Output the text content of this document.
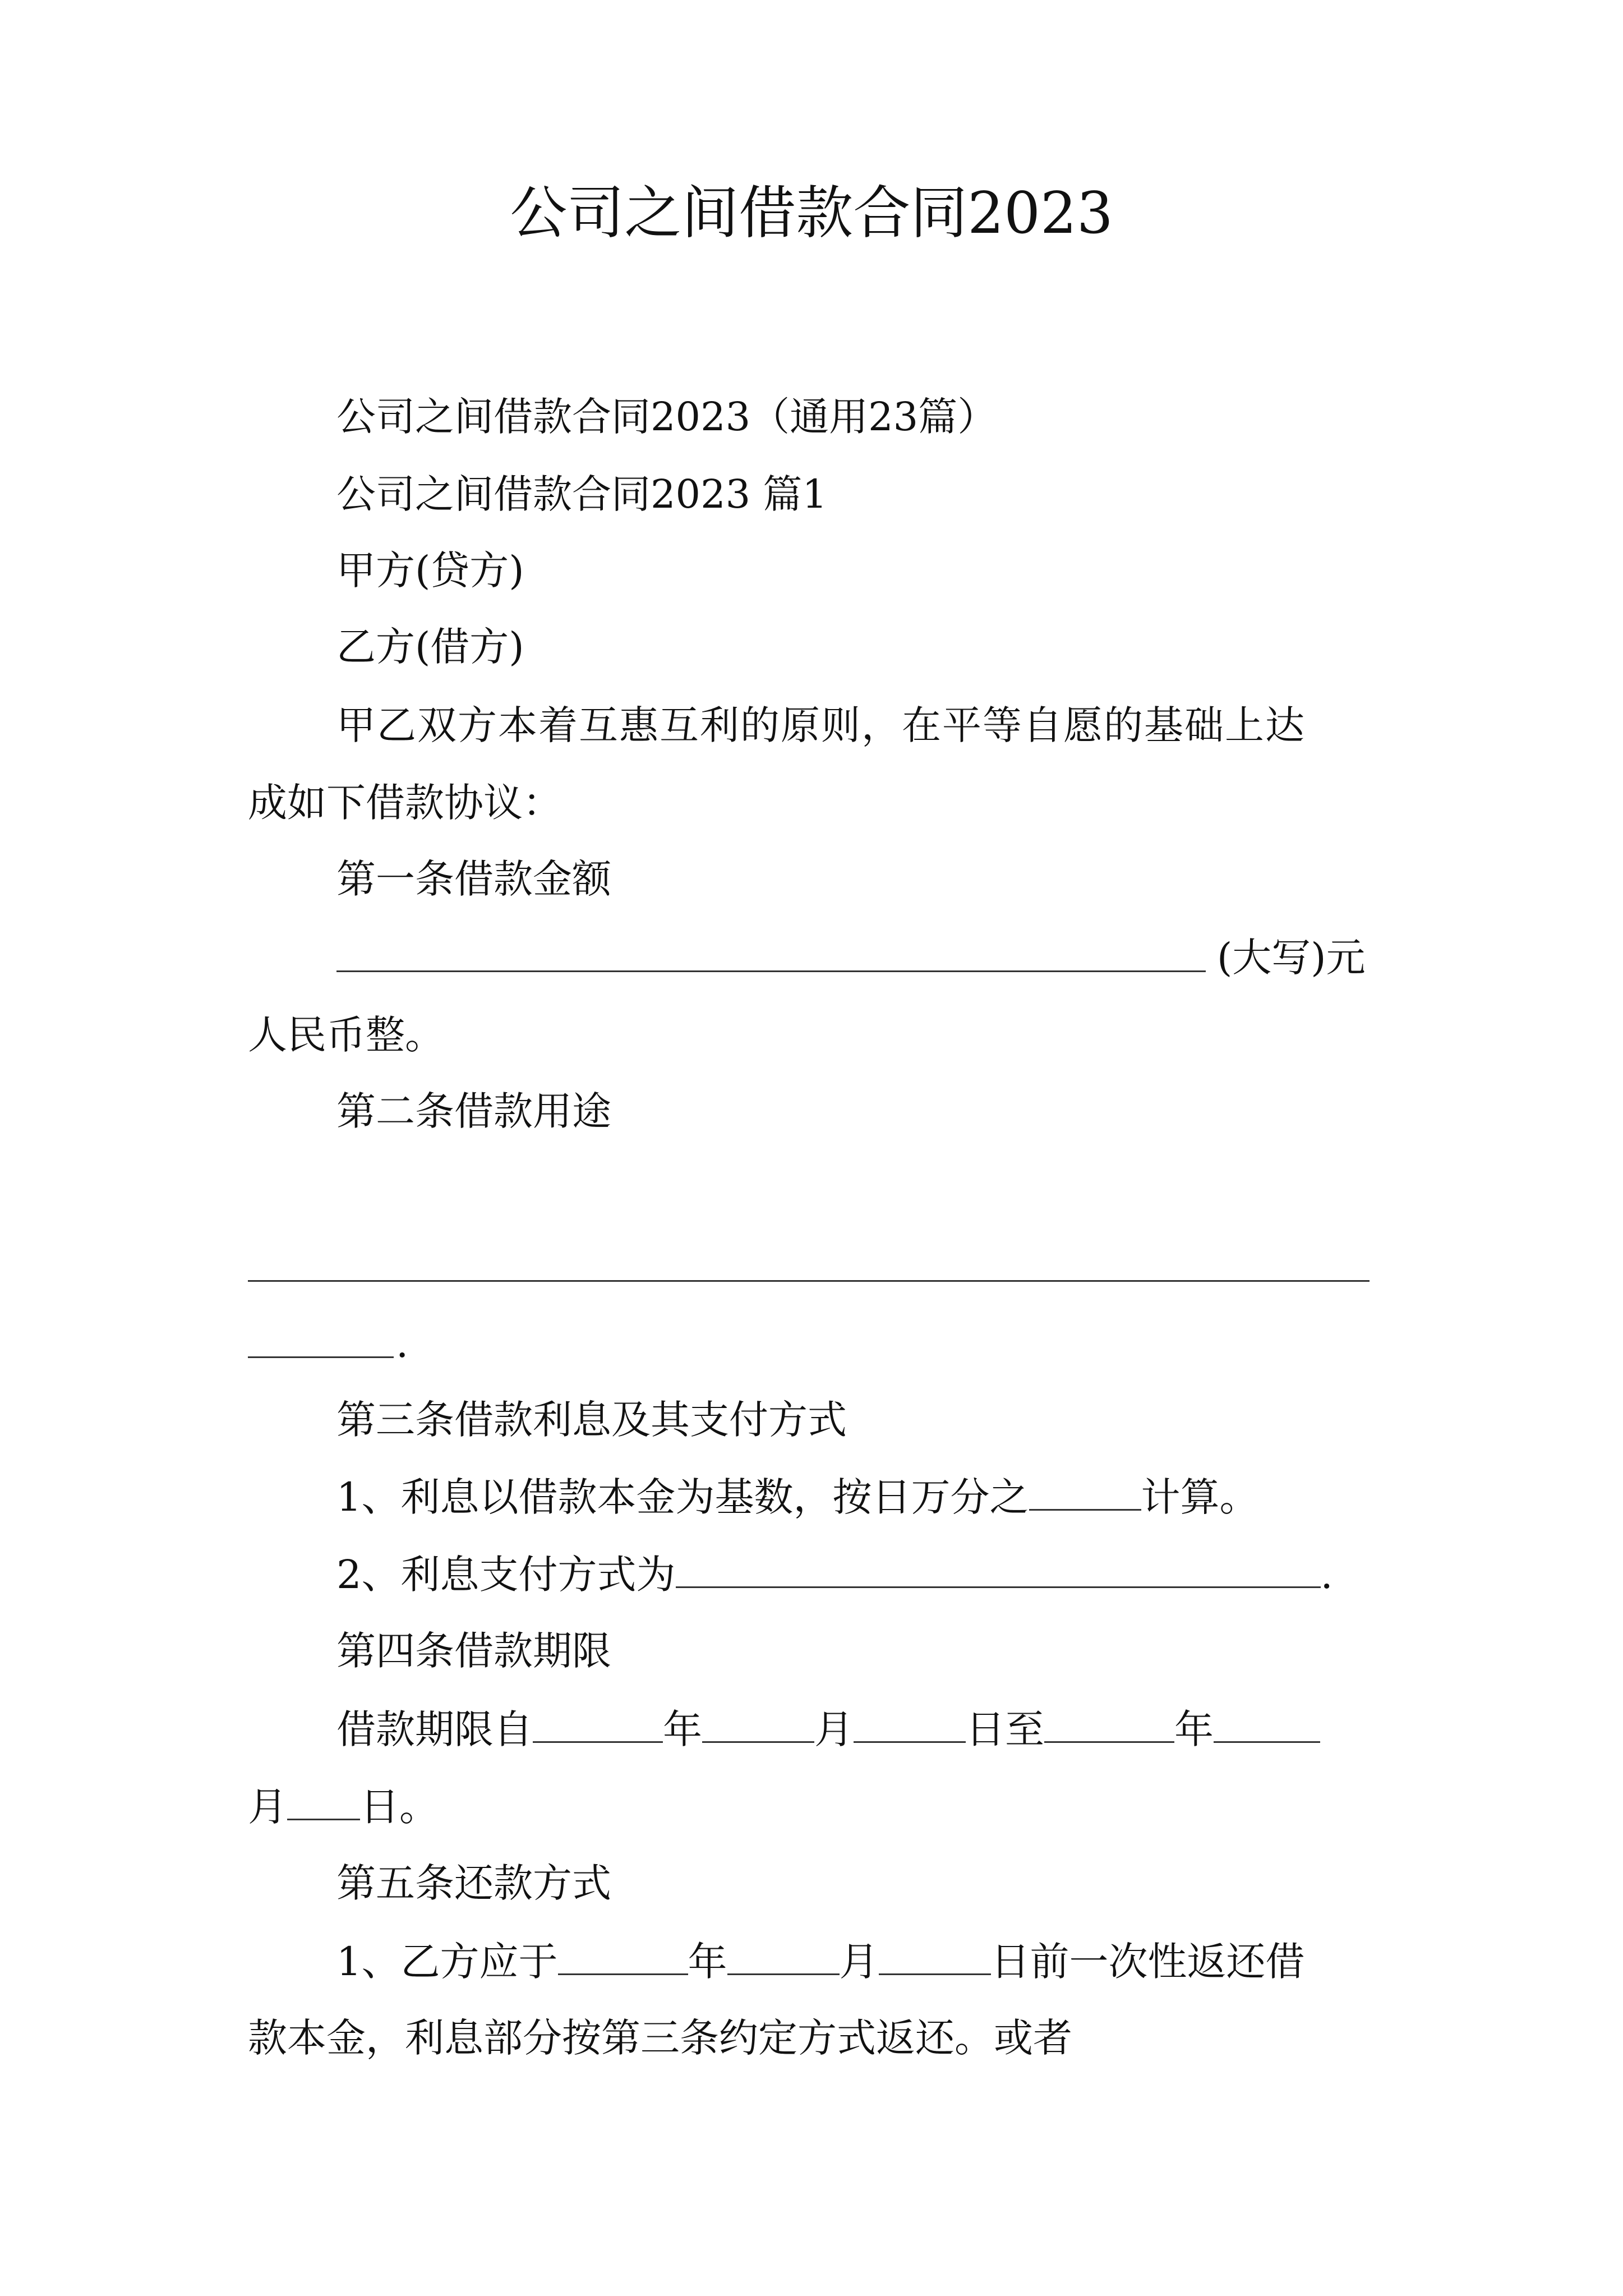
公司之间借款合同2023
公司之间借款合同2023（通用23篇）
公司之间借款合同2023 篇1
甲方(贷方)
乙方(借方)
甲乙双方本着互惠互利的原则，在平等自愿的基础上达
成如下借款协议：
第一条借款金额
(大写)元
人民币整。
第二条借款用途
.
第三条借款利息及其支付方式
1、利息以借款本金为基数，按日万分之	计算。
2、利息支付方式为	.
第四条借款期限
借款期限自	年	月	日至	年
月 日。
第五条还款方式
1、乙方应于	年	月	日前一次性返还借
款本金，利息部分按第三条约定方式返还。或者
